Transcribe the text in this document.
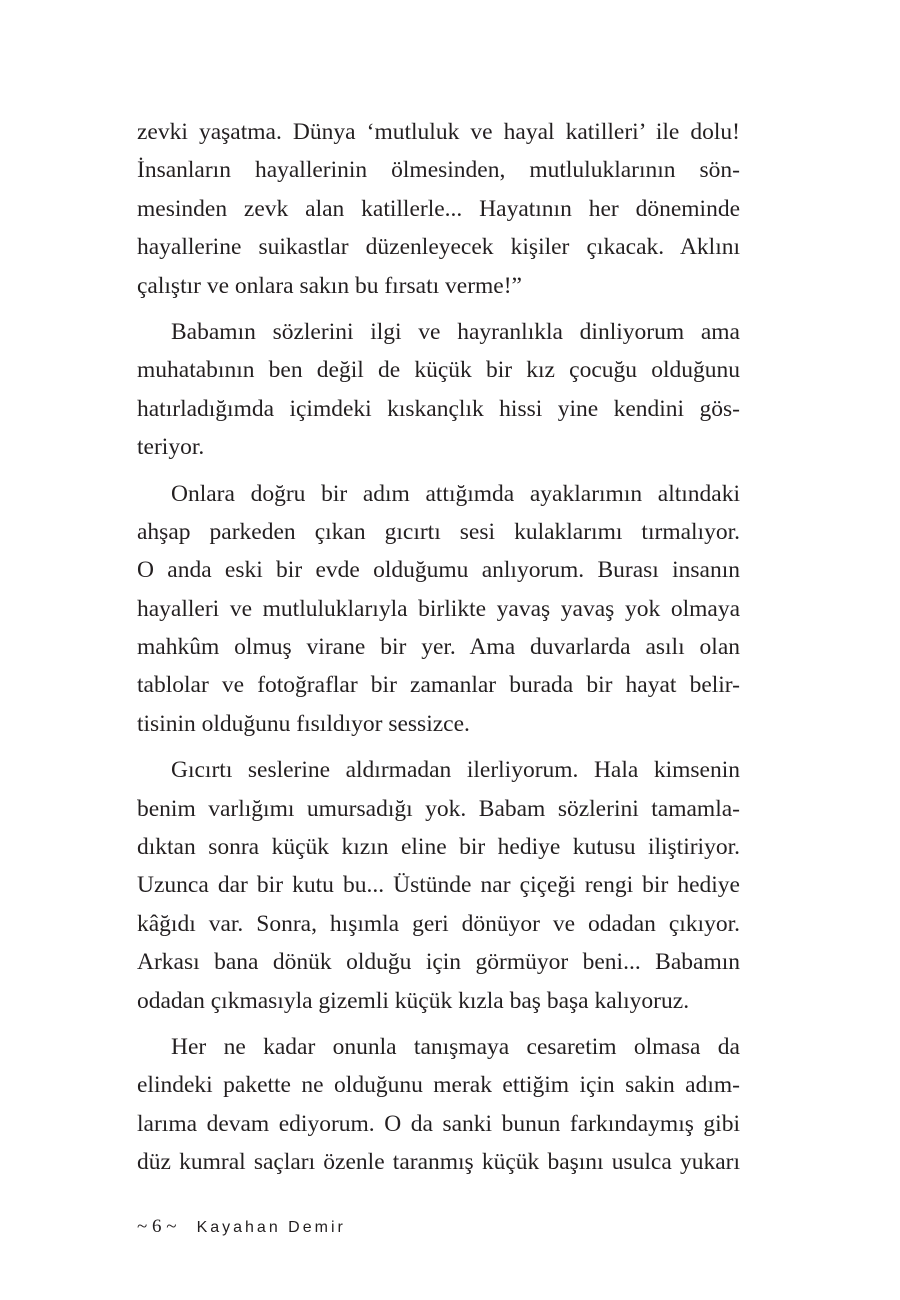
zevki yaşatma. Dünya ‘mutluluk ve hayal katilleri’ ile dolu!
İnsanların hayallerinin ölmesinden, mutluluklarının sön-
mesinden zevk alan katillerle... Hayatının her döneminde
hayallerine suikastlar düzenleyecek kişiler çıkacak. Aklını
çalıştır ve onlara sakın bu fırsatı verme!”
Babamın sözlerini ilgi ve hayranlıkla dinliyorum ama
muhatabının ben değil de küçük bir kız çocuğu olduğunu
hatırladığımda içimdeki kıskançlık hissi yine kendini gös-
teriyor.
Onlara doğru bir adım attığımda ayaklarımın altındaki
ahşap parkeden çıkan gıcırtı sesi kulaklarımı tırmalıyor.
O anda eski bir evde olduğumu anlıyorum. Burası insanın
hayalleri ve mutluluklarıyla birlikte yavaş yavaş yok olmaya
mahkûm olmuş virane bir yer. Ama duvarlarda asılı olan
tablolar ve fotoğraflar bir zamanlar burada bir hayat belir-
tisinin olduğunu fısıldıyor sessizce.
Gıcırtı seslerine aldırmadan ilerliyorum. Hala kimsenin
benim varlığımı umursadığı yok. Babam sözlerini tamamla-
dıktan sonra küçük kızın eline bir hediye kutusu iliştiriyor.
Uzunca dar bir kutu bu... Üstünde nar çiçeği rengi bir hediye
kâğıdı var. Sonra, hışımla geri dönüyor ve odadan çıkıyor.
Arkası bana dönük olduğu için görmüyor beni... Babamın
odadan çıkmasıyla gizemli küçük kızla baş başa kalıyoruz.
Her ne kadar onunla tanışmaya cesaretim olmasa da
elindeki pakette ne olduğunu merak ettiğim için sakin adım-
larıma devam ediyorum. O da sanki bunun farkındaymış gibi
düz kumral saçları özenle taranmış küçük başını usulca yukarı
~ 6 ~ Kayahan Demir
